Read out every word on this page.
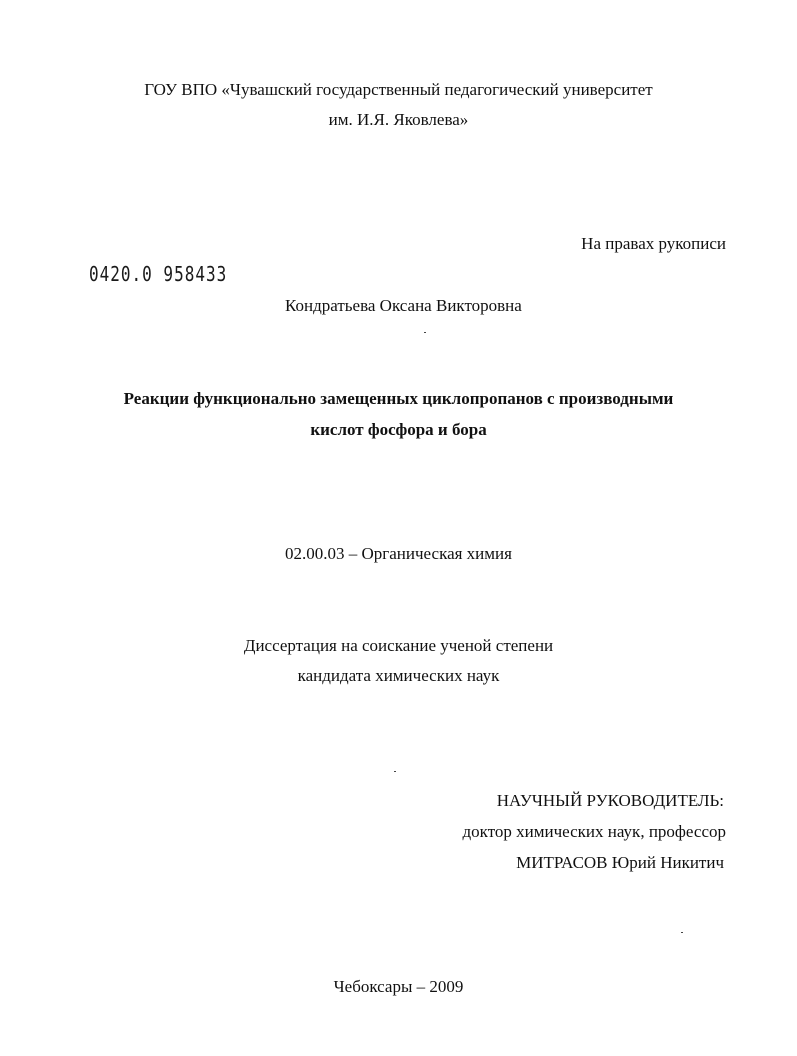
ГОУ ВПО «Чувашский государственный педагогический университет
им. И.Я. Яковлева»
На правах рукописи
0420.0 958433
Кондратьева Оксана Викторовна
Реакции функционально замещенных циклопропанов с производными
кислот фосфора и бора
02.00.03 – Органическая химия
Диссертация на соискание ученой степени
кандидата химических наук
НАУЧНЫЙ РУКОВОДИТЕЛЬ:
доктор химических наук, профессор
МИТРАСОВ Юрий Никитич
Чебоксары – 2009
